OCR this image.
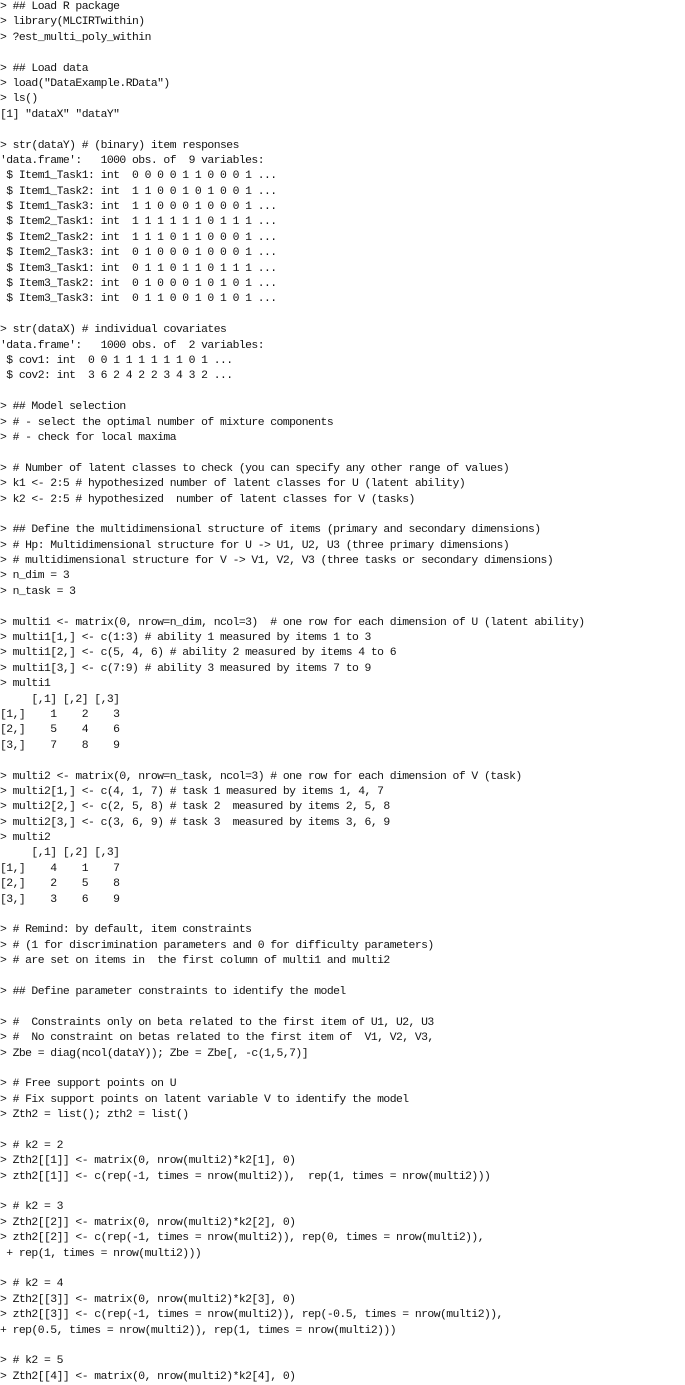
> ## Load R package
> library(MLCIRTwithin)
> ?est_multi_poly_within
> ## Load data
> load("DataExample.RData")
> ls()
[1] "dataX" "dataY"
> str(dataY) # (binary) item responses
'data.frame':   1000 obs. of  9 variables:
$ Item1_Task1: int  0 0 0 0 1 1 0 0 0 1 ...
$ Item1_Task2: int  1 1 0 0 1 0 1 0 0 1 ...
$ Item1_Task3: int  1 1 0 0 0 1 0 0 0 1 ...
$ Item2_Task1: int  1 1 1 1 1 1 0 1 1 1 ...
$ Item2_Task2: int  1 1 1 0 1 1 0 0 0 1 ...
$ Item2_Task3: int  0 1 0 0 0 1 0 0 0 1 ...
$ Item3_Task1: int  0 1 1 0 1 1 0 1 1 1 ...
$ Item3_Task2: int  0 1 0 0 0 1 0 1 0 1 ...
$ Item3_Task3: int  0 1 1 0 0 1 0 1 0 1 ...
> str(dataX) # individual covariates
'data.frame':   1000 obs. of  2 variables:
$ cov1: int  0 0 1 1 1 1 1 1 0 1 ...
$ cov2: int  3 6 2 4 2 2 3 4 3 2 ...
> ## Model selection
> # - select the optimal number of mixture components
> # - check for local maxima
> # Number of latent classes to check (you can specify any other range of values)
> k1 <- 2:5 # hypothesized number of latent classes for U (latent ability)
> k2 <- 2:5 # hypothesized  number of latent classes for V (tasks)
> ## Define the multidimensional structure of items (primary and secondary dimensions)
> # Hp: Multidimensional structure for U -> U1, U2, U3 (three primary dimensions)
> # multidimensional structure for V -> V1, V2, V3 (three tasks or secondary dimensions)
> n_dim = 3
> n_task = 3
> multi1 <- matrix(0, nrow=n_dim, ncol=3)  # one row for each dimension of U (latent ability)
> multi1[1,] <- c(1:3) # ability 1 measured by items 1 to 3
> multi1[2,] <- c(5, 4, 6) # ability 2 measured by items 4 to 6
> multi1[3,] <- c(7:9) # ability 3 measured by items 7 to 9
> multi1
[,1] [,2] [,3]
[1,]    1    2    3
[2,]    5    4    6
[3,]    7    8    9
> multi2 <- matrix(0, nrow=n_task, ncol=3) # one row for each dimension of V (task)
> multi2[1,] <- c(4, 1, 7) # task 1 measured by items 1, 4, 7
> multi2[2,] <- c(2, 5, 8) # task 2  measured by items 2, 5, 8
> multi2[3,] <- c(3, 6, 9) # task 3  measured by items 3, 6, 9
> multi2
[,1] [,2] [,3]
[1,]    4    1    7
[2,]    2    5    8
[3,]    3    6    9
> # Remind: by default, item constraints
> # (1 for discrimination parameters and 0 for difficulty parameters)
> # are set on items in  the first column of multi1 and multi2
> ## Define parameter constraints to identify the model
> #  Constraints only on beta related to the first item of U1, U2, U3
> #  No constraint on betas related to the first item of  V1, V2, V3,
> Zbe = diag(ncol(dataY)); Zbe = Zbe[, -c(1,5,7)]
> # Free support points on U
> # Fix support points on latent variable V to identify the model
> Zth2 = list(); zth2 = list()
> # k2 = 2
> Zth2[[1]] <- matrix(0, nrow(multi2)*k2[1], 0)
> zth2[[1]] <- c(rep(-1, times = nrow(multi2)),  rep(1, times = nrow(multi2)))
> # k2 = 3
> Zth2[[2]] <- matrix(0, nrow(multi2)*k2[2], 0)
> zth2[[2]] <- c(rep(-1, times = nrow(multi2)), rep(0, times = nrow(multi2)),
+ rep(1, times = nrow(multi2)))
> # k2 = 4
> Zth2[[3]] <- matrix(0, nrow(multi2)*k2[3], 0)
> zth2[[3]] <- c(rep(-1, times = nrow(multi2)), rep(-0.5, times = nrow(multi2)),
+ rep(0.5, times = nrow(multi2)), rep(1, times = nrow(multi2)))
> # k2 = 5
> Zth2[[4]] <- matrix(0, nrow(multi2)*k2[4], 0)
